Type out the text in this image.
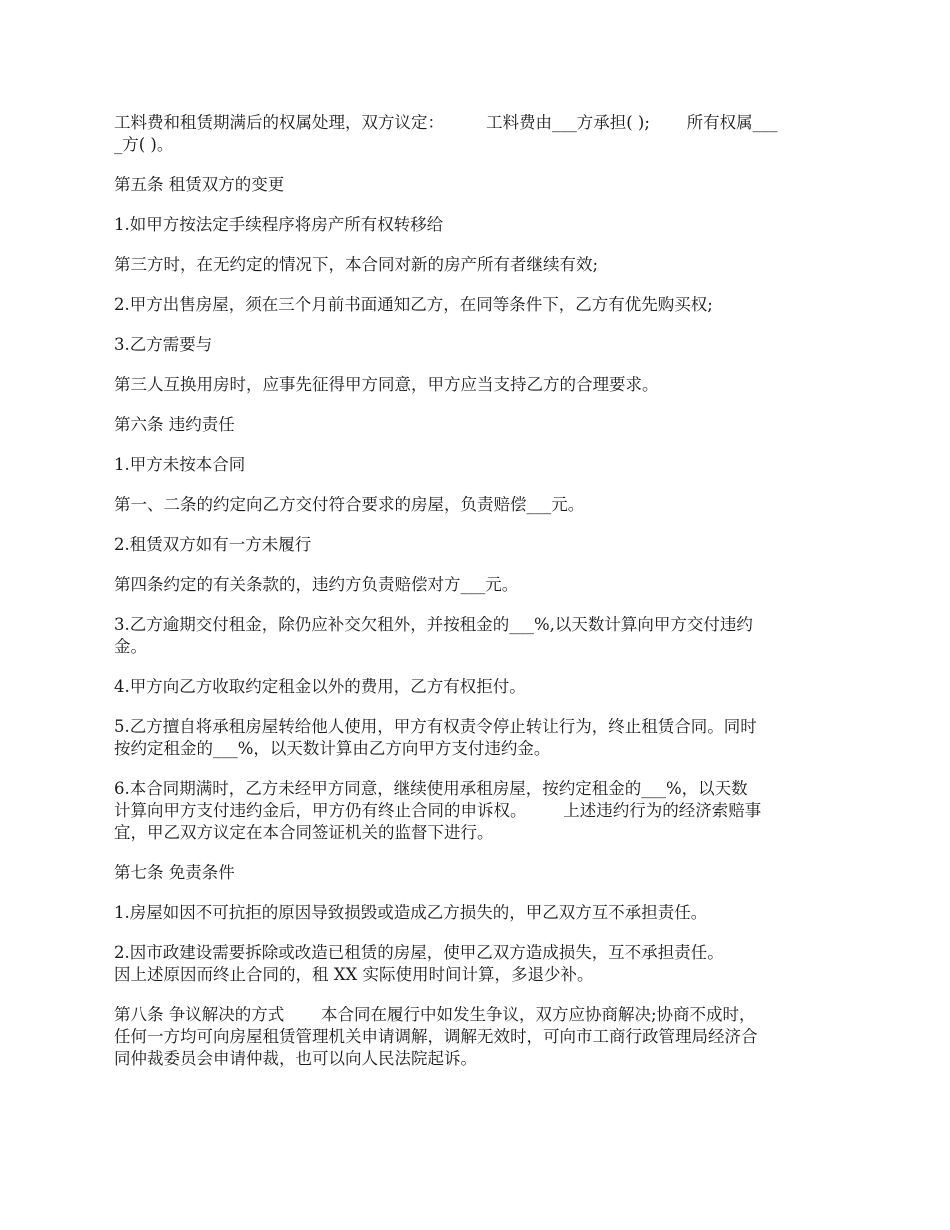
工料费和租赁期满后的权属处理，双方议定：        工料费由___方承担( );       所有权属___
_方( )。
第五条 租赁双方的变更
1.如甲方按法定手续程序将房产所有权转移给
第三方时，在无约定的情况下，本合同对新的房产所有者继续有效;
2.甲方出售房屋，须在三个月前书面通知乙方，在同等条件下，乙方有优先购买权;
3.乙方需要与
第三人互换用房时，应事先征得甲方同意，甲方应当支持乙方的合理要求。
第六条 违约责任
1.甲方未按本合同
第一、二条的约定向乙方交付符合要求的房屋，负责赔偿___元。
2.租赁双方如有一方未履行
第四条约定的有关条款的，违约方负责赔偿对方___元。
3.乙方逾期交付租金，除仍应补交欠租外，并按租金的___%,以天数计算向甲方交付违约
金。
4.甲方向乙方收取约定租金以外的费用，乙方有权拒付。
5.乙方擅自将承租房屋转给他人使用，甲方有权责令停止转让行为，终止租赁合同。同时
按约定租金的___%，以天数计算由乙方向甲方支付违约金。
6.本合同期满时，乙方未经甲方同意，继续使用承租房屋，按约定租金的___%，以天数
计算向甲方支付违约金后，甲方仍有终止合同的申诉权。       上述违约行为的经济索赔事
宜，甲乙双方议定在本合同签证机关的监督下进行。
第七条 免责条件
1.房屋如因不可抗拒的原因导致损毁或造成乙方损失的，甲乙双方互不承担责任。
2.因市政建设需要拆除或改造已租赁的房屋，使甲乙双方造成损失，互不承担责任。
因上述原因而终止合同的，租 XX 实际使用时间计算，多退少补。
第八条 争议解决的方式       本合同在履行中如发生争议，双方应协商解决;协商不成时，
任何一方均可向房屋租赁管理机关申请调解，调解无效时，可向市工商行政管理局经济合
同仲裁委员会申请仲裁，也可以向人民法院起诉。
